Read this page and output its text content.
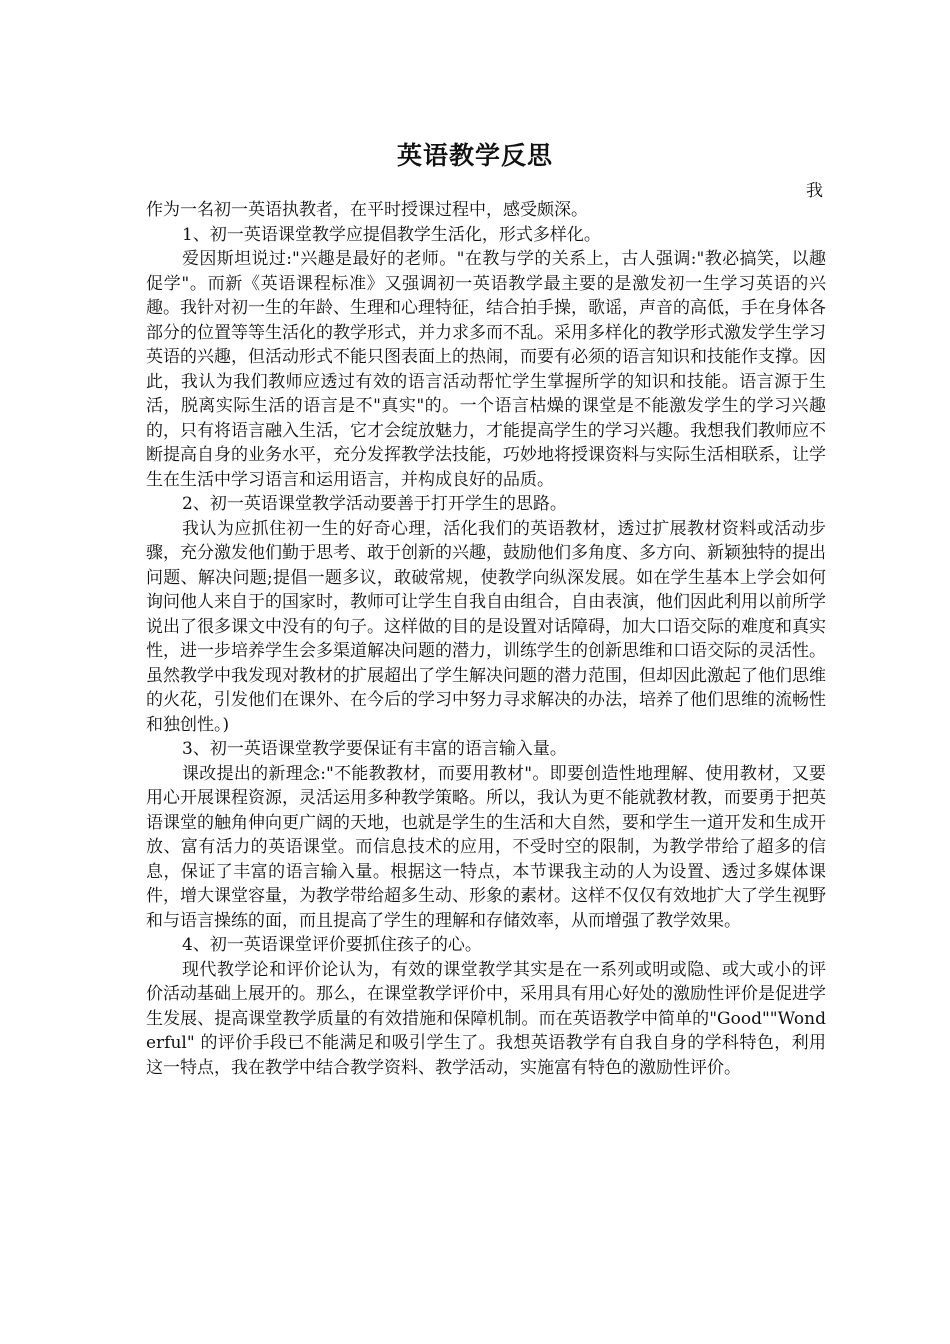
英语教学反思
我

作为一名初一英语执教者，在平时授课过程中，感受颇深。

1、初一英语课堂教学应提倡教学生活化，形式多样化。

爱因斯坦说过:"兴趣是最好的老师。"在教与学的关系上，古人强调:"教必搞笑，以趣促学"。而新《英语课程标准》又强调初一英语教学最主要的是激发初一生学习英语的兴趣。我针对初一生的年龄、生理和心理特征，结合拍手操，歌谣，声音的高低，手在身体各部分的位置等等生活化的教学形式，并力求多而不乱。采用多样化的教学形式激发学生学习英语的兴趣，但活动形式不能只图表面上的热闹，而要有必须的语言知识和技能作支撑。因此，我认为我们教师应透过有效的语言活动帮忙学生掌握所学的知识和技能。语言源于生活，脱离实际生活的语言是不"真实"的。一个语言枯燥的课堂是不能激发学生的学习兴趣的，只有将语言融入生活，它才会绽放魅力，才能提高学生的学习兴趣。我想我们教师应不断提高自身的业务水平，充分发挥教学法技能，巧妙地将授课资料与实际生活相联系，让学生在生活中学习语言和运用语言，并构成良好的品质。

2、初一英语课堂教学活动要善于打开学生的思路。

我认为应抓住初一生的好奇心理，活化我们的英语教材，透过扩展教材资料或活动步骤，充分激发他们勤于思考、敢于创新的兴趣，鼓励他们多角度、多方向、新颖独特的提出问题、解决问题;提倡一题多议，敢破常规，使教学向纵深发展。如在学生基本上学会如何询问他人来自于的国家时，教师可让学生自我自由组合，自由表演，他们因此利用以前所学说出了很多课文中没有的句子。这样做的目的是设置对话障碍，加大口语交际的难度和真实性，进一步培养学生会多渠道解决问题的潜力，训练学生的创新思维和口语交际的灵活性。虽然教学中我发现对教材的扩展超出了学生解决问题的潜力范围，但却因此激起了他们思维的火花，引发他们在课外、在今后的学习中努力寻求解决的办法，培养了他们思维的流畅性和独创性。)

3、初一英语课堂教学要保证有丰富的语言输入量。

课改提出的新理念:"不能教教材，而要用教材"。即要创造性地理解、使用教材，又要用心开展课程资源，灵活运用多种教学策略。所以，我认为更不能就教材教，而要勇于把英语课堂的触角伸向更广阔的天地，也就是学生的生活和大自然，要和学生一道开发和生成开放、富有活力的英语课堂。而信息技术的应用，不受时空的限制，为教学带给了超多的信息，保证了丰富的语言输入量。根据这一特点，本节课我主动的人为设置、透过多媒体课件，增大课堂容量，为教学带给超多生动、形象的素材。这样不仅仅有效地扩大了学生视野和与语言操练的面，而且提高了学生的理解和存储效率，从而增强了教学效果。

4、初一英语课堂评价要抓住孩子的心。

现代教学论和评价论认为，有效的课堂教学其实是在一系列或明或隐、或大或小的评价活动基础上展开的。那么，在课堂教学评价中，采用具有用心好处的激励性评价是促进学生发展、提高课堂教学质量的有效措施和保障机制。而在英语教学中简单的"Good""Wonderful" 的评价手段已不能满足和吸引学生了。我想英语教学有自我自身的学科特色，利用这一特点，我在教学中结合教学资料、教学活动，实施富有特色的激励性评价。
